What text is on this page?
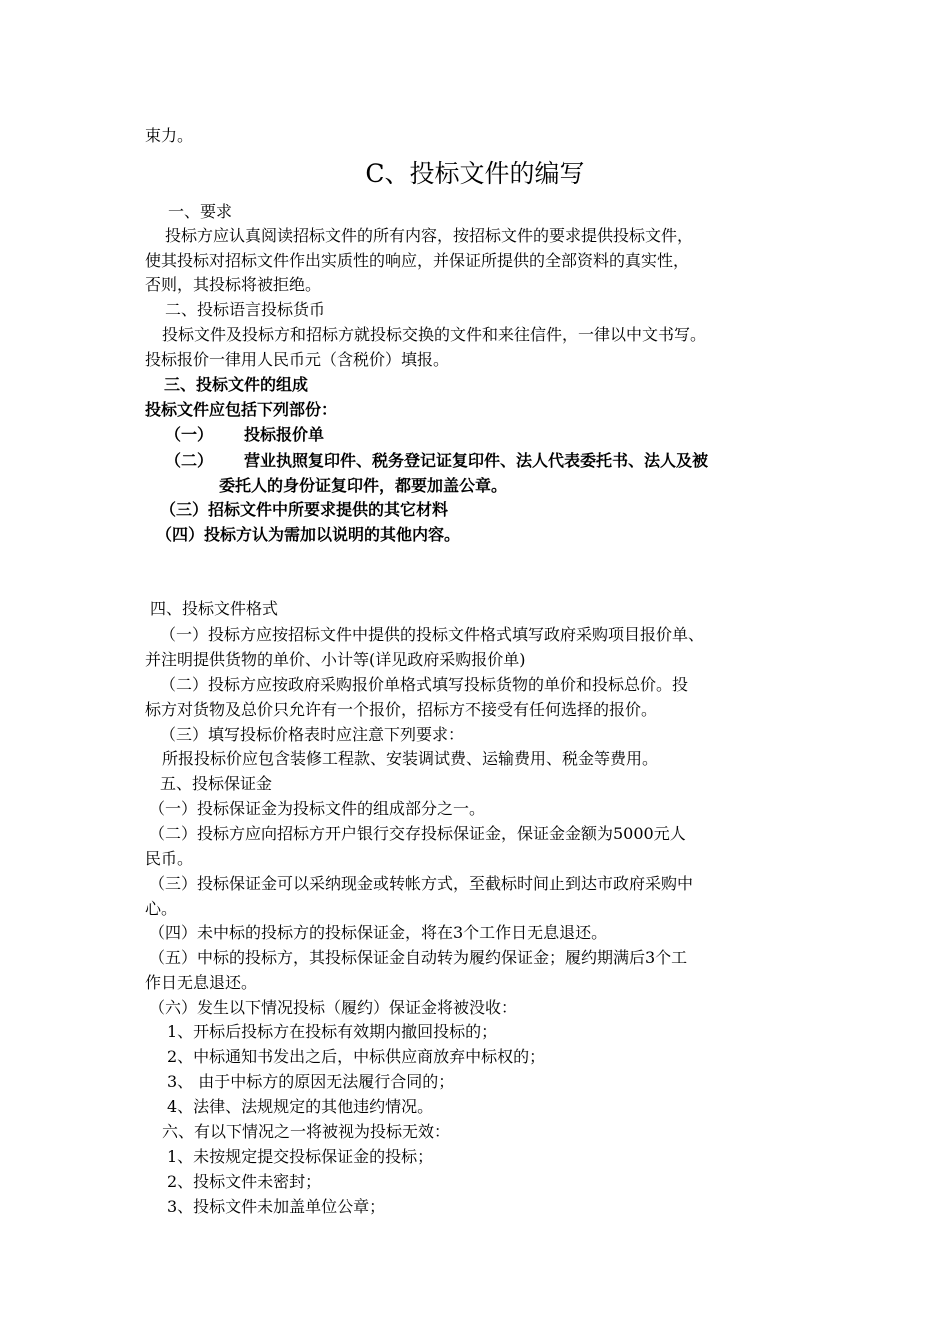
束力。
C、投标文件的编写
一、要求
投标方应认真阅读招标文件的所有内容，按招标文件的要求提供投标文件，
使其投标对招标文件作出实质性的响应，并保证所提供的全部资料的真实性，
否则，其投标将被拒绝。
二、投标语言投标货币
投标文件及投标方和招标方就投标交换的文件和来往信件，一律以中文书写。
投标报价一律用人民币元（含税价）填报。
三、投标文件的组成
投标文件应包括下列部份：
（一） 投标报价单
（二） 营业执照复印件、税务登记证复印件、法人代表委托书、法人及被
委托人的身份证复印件，都要加盖公章。
（三）招标文件中所要求提供的其它材料
（四）投标方认为需加以说明的其他内容。
四、投标文件格式
（一）投标方应按招标文件中提供的投标文件格式填写政府采购项目报价单、
并注明提供货物的单价、小计等(详见政府采购报价单)
（二）投标方应按政府采购报价单格式填写投标货物的单价和投标总价。投
标方对货物及总价只允许有一个报价，招标方不接受有任何选择的报价。
（三）填写投标价格表时应注意下列要求：
所报投标价应包含装修工程款、安装调试费、运输费用、税金等费用。
五、投标保证金
（一）投标保证金为投标文件的组成部分之一。
（二）投标方应向招标方开户银行交存投标保证金，保证金金额为5000元人
民币。
（三）投标保证金可以采纳现金或转帐方式，至截标时间止到达市政府采购中
心。
（四）未中标的投标方的投标保证金，将在3个工作日无息退还。
（五）中标的投标方，其投标保证金自动转为履约保证金；履约期满后3个工
作日无息退还。
（六）发生以下情况投标（履约）保证金将被没收：
1、开标后投标方在投标有效期内撤回投标的；
2、中标通知书发出之后，中标供应商放弃中标权的；
3、 由于中标方的原因无法履行合同的；
4、法律、法规规定的其他违约情况。
六、有以下情况之一将被视为投标无效：
1、未按规定提交投标保证金的投标；
2、投标文件未密封；
3、投标文件未加盖单位公章；
